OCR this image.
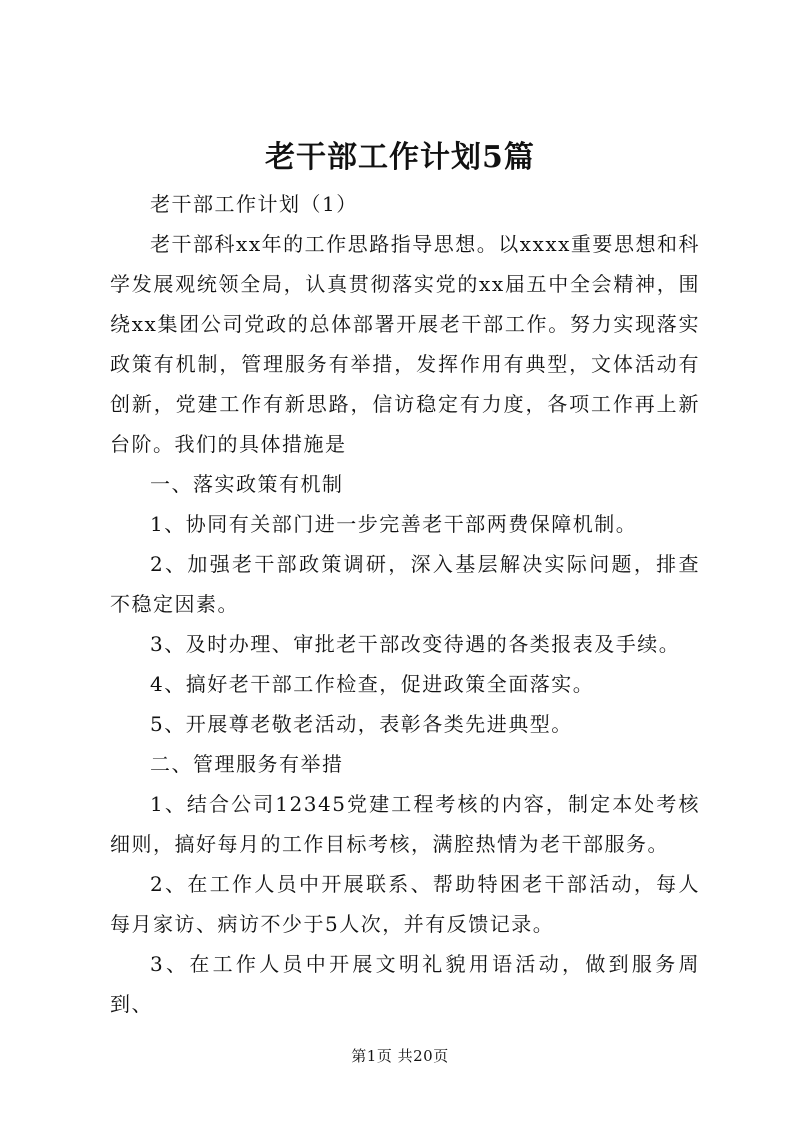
老干部工作计划5篇

老干部工作计划（1）

老干部科xx年的工作思路指导思想。以xxxx重要思想和科学发展观统领全局，认真贯彻落实党的xx届五中全会精神，围绕xx集团公司党政的总体部署开展老干部工作。努力实现落实政策有机制，管理服务有举措，发挥作用有典型，文体活动有创新，党建工作有新思路，信访稳定有力度，各项工作再上新台阶。我们的具体措施是

一、落实政策有机制

1、协同有关部门进一步完善老干部两费保障机制。

2、加强老干部政策调研，深入基层解决实际问题，排查不稳定因素。

3、及时办理、审批老干部改变待遇的各类报表及手续。

4、搞好老干部工作检查，促进政策全面落实。

5、开展尊老敬老活动，表彰各类先进典型。

二、管理服务有举措

1、结合公司12345党建工程考核的内容，制定本处考核细则，搞好每月的工作目标考核，满腔热情为老干部服务。

2、在工作人员中开展联系、帮助特困老干部活动，每人每月家访、病访不少于5人次，并有反馈记录。

3、在工作人员中开展文明礼貌用语活动，做到服务周到、

第1页 共20页
